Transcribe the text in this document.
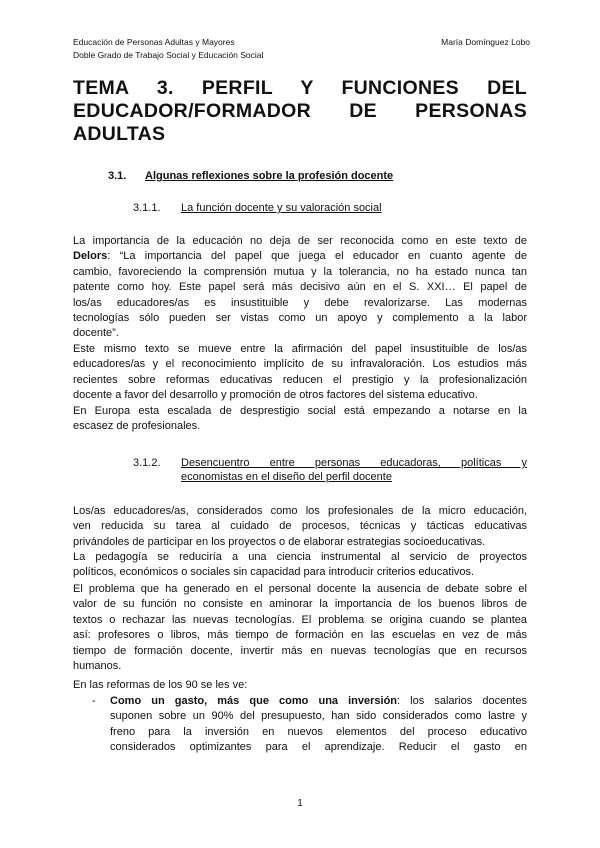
Educación de Personas Adultas y Mayores	María Domínguez Lobo
Doble Grado de Trabajo Social y Educación Social
TEMA 3. PERFIL Y FUNCIONES DEL
EDUCADOR/FORMADOR DE PERSONAS
ADULTAS
3.1. Algunas reflexiones sobre la profesión docente
3.1.1. La función docente y su valoración social

La importancia de la educación no deja de ser reconocida como en este texto de
Delors: “La importancia del papel que juega el educador en cuanto agente de
cambio, favoreciendo la comprensión mutua y la tolerancia, no ha estado nunca tan
patente como hoy. Este papel será más decisivo aún en el S. XXI… El papel de
los/as educadores/as es insustituible y debe revalorizarse. Las modernas
tecnologías sólo pueden ser vistas como un apoyo y complemento a la labor
docente”.

Este mismo texto se mueve entre la afirmación del papel insustituible de los/as
educadores/as y el reconocimiento implícito de su infravaloración. Los estudios más
recientes sobre reformas educativas reducen el prestigio y la profesionalización
docente a favor del desarrollo y promoción de otros factores del sistema educativo.

En Europa esta escalada de desprestigio social está empezando a notarse en la
escasez de profesionales.

3.1.2. Desencuentro entre personas educadoras, políticas y
economistas en el diseño del perfil docente

Los/as educadores/as, considerados como los profesionales de la micro educación,
ven reducida su tarea al cuidado de procesos, técnicas y tácticas educativas
privándoles de participar en los proyectos o de elaborar estrategias socioeducativas.

La pedagogía se reduciría a una ciencia instrumental al servicio de proyectos
políticos, económicos o sociales sin capacidad para introducir criterios educativos.

El problema que ha generado en el personal docente la ausencia de debate sobre el
valor de su función no consiste en aminorar la importancia de los buenos libros de
textos o rechazar las nuevas tecnologías. El problema se origina cuando se plantea
así: profesores o libros, más tiempo de formación en las escuelas en vez de más
tiempo de formación docente, invertir más en nuevas tecnologías que en recursos
humanos.

En las reformas de los 90 se les ve:

- Como un gasto, más que como una inversión: los salarios docentes
suponen sobre un 90% del presupuesto, han sido considerados como lastre y
freno para la inversión en nuevos elementos del proceso educativo
considerados optimizantes para el aprendizaje. Reducir el gasto en
1
